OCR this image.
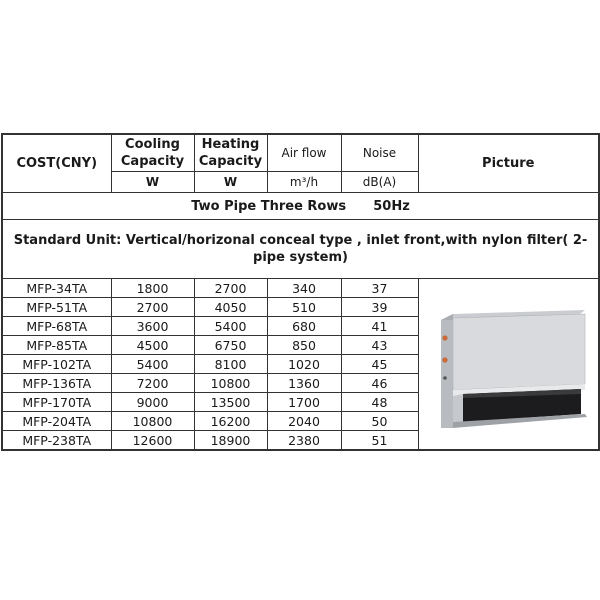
COST(CNY)	Cooling Capacity	Heating Capacity	Air flow	Noise	Picture
	W	W	m³/h	dB(A)	
Two Pipe Three Rows      50Hz					
Standard Unit: Vertical/horizonal conceal type , inlet front,with nylon filter( 2-pipe system)					
MFP-34TA	1800	2700	340	37	

MFP-51TA	2700	4050	510	39	
MFP-68TA	3600	5400	680	41	
MFP-85TA	4500	6750	850	43	
MFP-102TA	5400	8100	1020	45	
MFP-136TA	7200	10800	1360	46	
MFP-170TA	9000	13500	1700	48	
MFP-204TA	10800	16200	2040	50	
MFP-238TA	12600	18900	2380	51	
